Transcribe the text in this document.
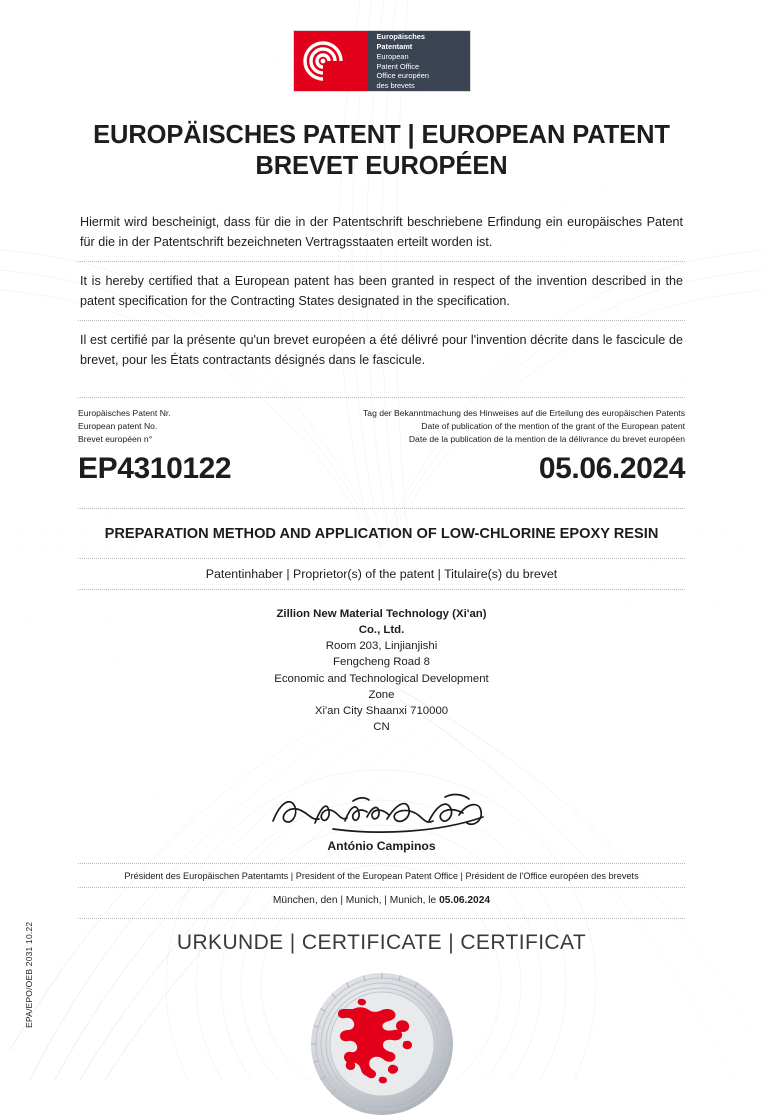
EPA/EPO/OEB 2031 10.22
Europäisches
Patentamt
European
Patent Office
Office européen
des brevets
EUROPÄISCHES PATENT | EUROPEAN PATENT
BREVET EUROPÉEN

Hiermit wird bescheinigt, dass für die in der Patentschrift beschriebene Erfindung ein europäisches Patent für die in der Patentschrift bezeichneten Vertragsstaaten erteilt worden ist.

It is hereby certified that a European patent has been granted in respect of the invention described in the patent specification for the Contracting States designated in the specification.

Il est certifié par la présente qu'un brevet européen a été délivré pour l'invention décrite dans le fascicule de brevet, pour les États contractants désignés dans le fascicule.

Europäisches Patent Nr.
European patent No.
Brevet européen n°
Tag der Bekanntmachung des Hinweises auf die Erteilung des europäischen Patents
Date of publication of the mention of the grant of the European patent
Date de la publication de la mention de la délivrance du brevet européen
EP4310122	05.06.2024
PREPARATION METHOD AND APPLICATION OF LOW-CHLORINE EPOXY RESIN
Patentinhaber | Proprietor(s) of the patent | Titulaire(s) du brevet
Zillion New Material Technology (Xi'an)
Co., Ltd.
Room 203, Linjianjishi
Fengcheng Road 8
Economic and Technological Development
Zone
Xi'an City Shaanxi 710000
CN
António Campinos
Président des Europäischen Patentamts | President of the European Patent Office | Président de l'Office européen des brevets
München, den | Munich, | Munich, le 05.06.2024
URKUNDE | CERTIFICATE | CERTIFICAT
